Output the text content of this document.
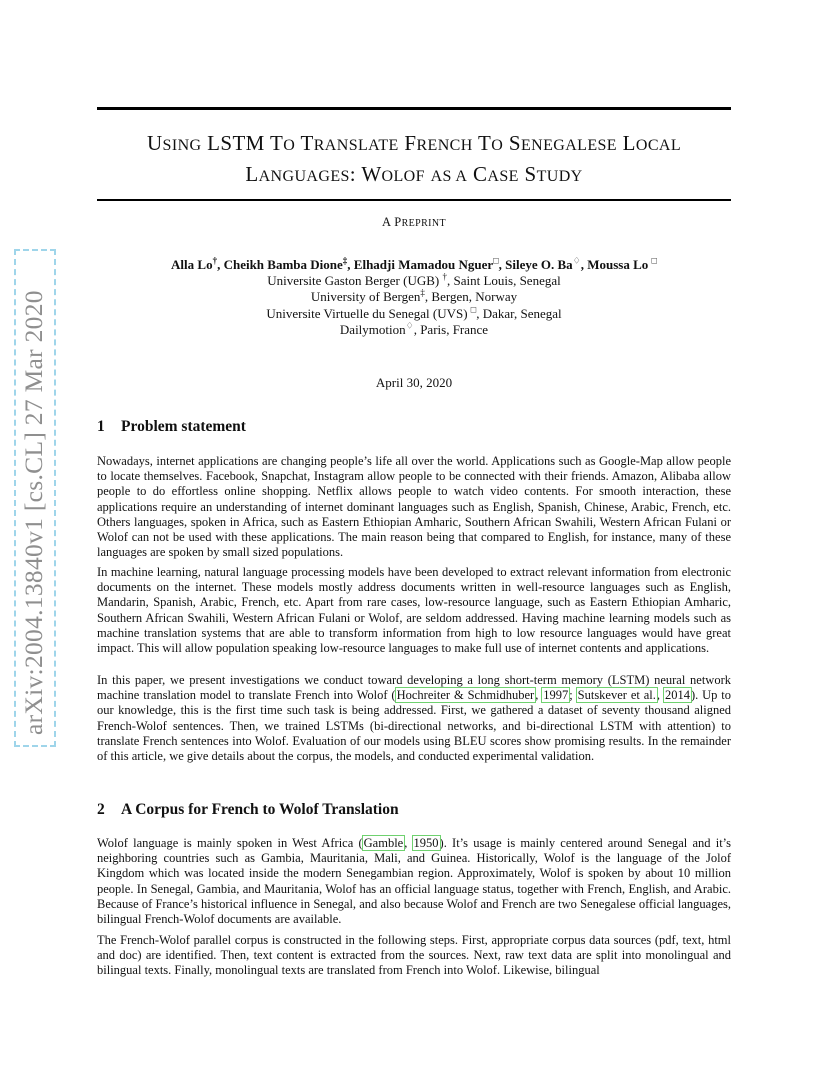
arXiv:2004.13840v1 [cs.CL] 27 Mar 2020
USING LSTM TO TRANSLATE FRENCH TO SENEGALESE LOCAL
LANGUAGES: WOLOF AS A CASE STUDY
A PREPRINT
Alla Lo†, Cheikh Bamba Dione‡, Elhadji Mamadou Nguer□, Sileye O. Ba♢, Moussa Lo □
Universite Gaston Berger (UGB) †, Saint Louis, Senegal
University of Bergen‡, Bergen, Norway
Universite Virtuelle du Senegal (UVS) □, Dakar, Senegal
Dailymotion♢, Paris, France
April 30, 2020
1 Problem statement

Nowadays, internet applications are changing people’s life all over the world. Applications such as Google-Map allow people to locate themselves. Facebook, Snapchat, Instagram allow people to be connected with their friends. Amazon, Alibaba allow people to do effortless online shopping. Netflix allows people to watch video contents. For smooth interaction, these applications require an understanding of internet dominant languages such as English, Spanish, Chinese, Arabic, French, etc. Others languages, spoken in Africa, such as Eastern Ethiopian Amharic, Southern African Swahili, Western African Fulani or Wolof can not be used with these applications. The main reason being that compared to English, for instance, many of these languages are spoken by small sized populations.

In machine learning, natural language processing models have been developed to extract relevant information from electronic documents on the internet. These models mostly address documents written in well-resource languages such as English, Mandarin, Spanish, Arabic, French, etc. Apart from rare cases, low-resource language, such as Eastern Ethiopian Amharic, Southern African Swahili, Western African Fulani or Wolof, are seldom addressed. Having machine learning models such as machine translation systems that are able to transform information from high to low resource languages would have great impact. This will allow population speaking low-resource languages to make full use of internet contents and applications.

In this paper, we present investigations we conduct toward developing a long short-term memory (LSTM) neural network machine translation model to translate French into Wolof (Hochreiter & Schmidhuber, 1997; Sutskever et al., 2014). Up to our knowledge, this is the first time such task is being addressed. First, we gathered a dataset of seventy thousand aligned French-Wolof sentences. Then, we trained LSTMs (bi-directional networks, and bi-directional LSTM with attention) to translate French sentences into Wolof. Evaluation of our models using BLEU scores show promising results. In the remainder of this article, we give details about the corpus, the models, and conducted experimental validation.

2 A Corpus for French to Wolof Translation

Wolof language is mainly spoken in West Africa (Gamble, 1950). It’s usage is mainly centered around Senegal and it’s neighboring countries such as Gambia, Mauritania, Mali, and Guinea. Historically, Wolof is the language of the Jolof Kingdom which was located inside the modern Senegambian region. Approximately, Wolof is spoken by about 10 million people. In Senegal, Gambia, and Mauritania, Wolof has an official language status, together with French, English, and Arabic. Because of France’s historical influence in Senegal, and also because Wolof and French are two Senegalese official languages, bilingual French-Wolof documents are available.

The French-Wolof parallel corpus is constructed in the following steps. First, appropriate corpus data sources (pdf, text, html and doc) are identified. Then, text content is extracted from the sources. Next, raw text data are split into monolingual and bilingual texts. Finally, monolingual texts are translated from French into Wolof. Likewise, bilingual
